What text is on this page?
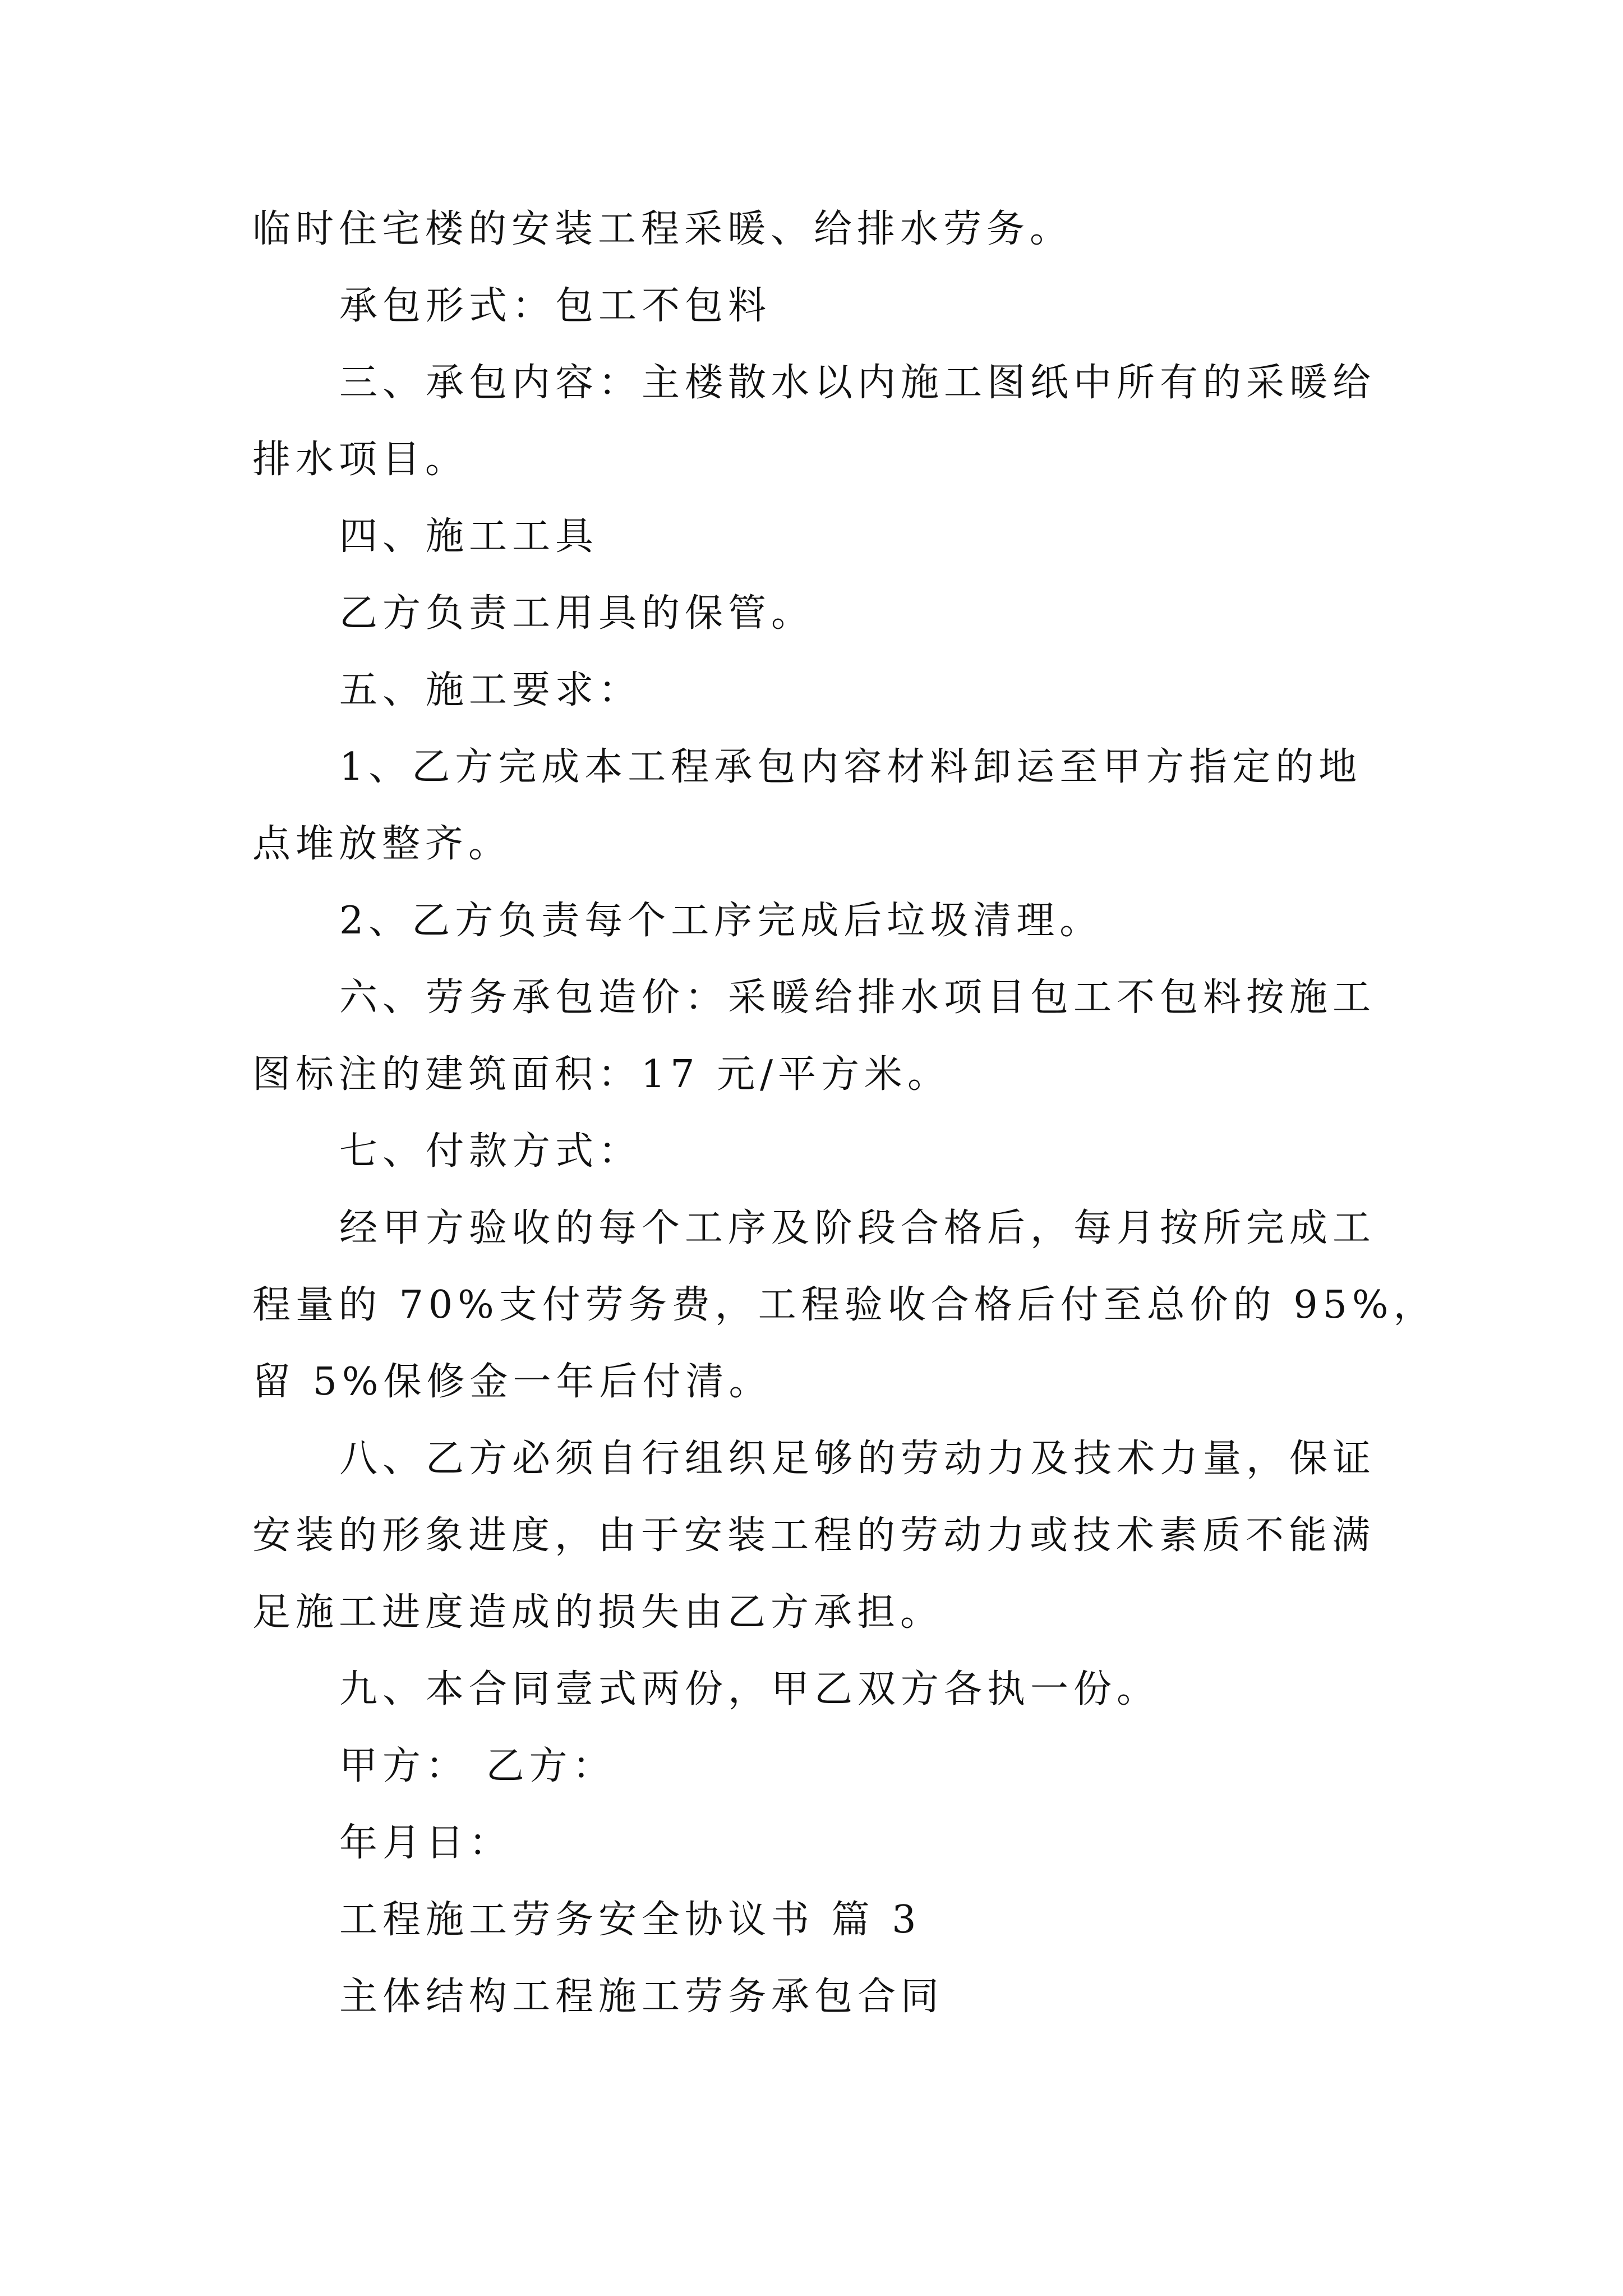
临时住宅楼的安装工程采暖、给排水劳务。

承包形式：包工不包料

三、承包内容：主楼散水以内施工图纸中所有的采暖给

排水项目。

四、施工工具

乙方负责工用具的保管。

五、施工要求：

1、乙方完成本工程承包内容材料卸运至甲方指定的地

点堆放整齐。

2、乙方负责每个工序完成后垃圾清理。

六、劳务承包造价：采暖给排水项目包工不包料按施工

图标注的建筑面积：17 元/平方米。

七、付款方式：

经甲方验收的每个工序及阶段合格后，每月按所完成工

程量的 70%支付劳务费，工程验收合格后付至总价的 95%，

留 5%保修金一年后付清。

八、乙方必须自行组织足够的劳动力及技术力量，保证

安装的形象进度，由于安装工程的劳动力或技术素质不能满

足施工进度造成的损失由乙方承担。

九、本合同壹式两份，甲乙双方各执一份。

甲方： 乙方：

年月日：

工程施工劳务安全协议书 篇 3

主体结构工程施工劳务承包合同
